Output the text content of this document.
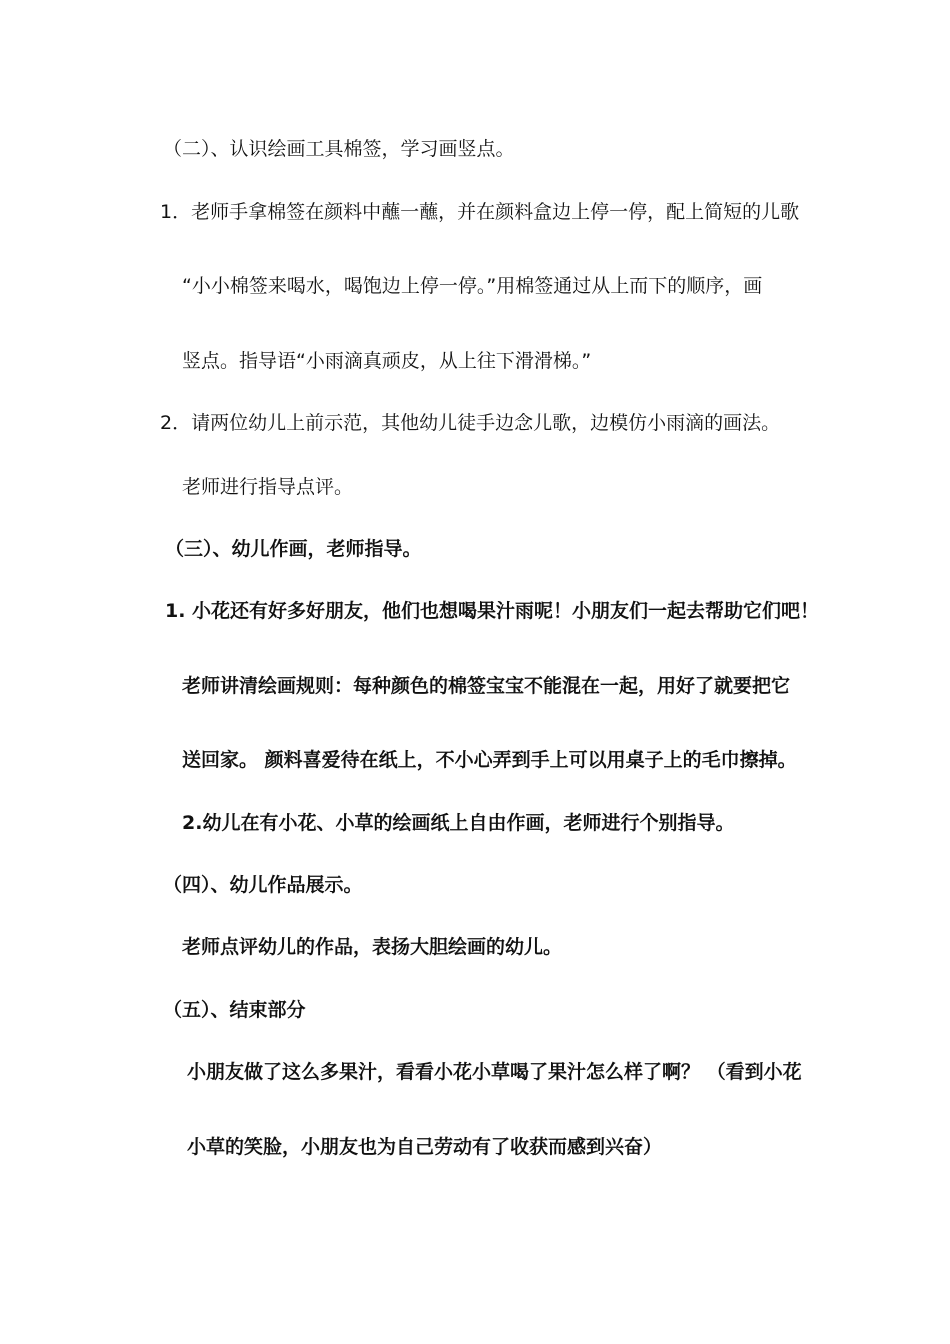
（二）、认识绘画工具棉签，学习画竖点。
1．老师手拿棉签在颜料中蘸一蘸，并在颜料盒边上停一停，配上简短的儿歌
“小小棉签来喝水，喝饱边上停一停。”用棉签通过从上而下的顺序，画
竖点。指导语“小雨滴真顽皮，从上往下滑滑梯。”
2．请两位幼儿上前示范，其他幼儿徒手边念儿歌，边模仿小雨滴的画法。
老师进行指导点评。
（三）、幼儿作画，老师指导。
1. 小花还有好多好朋友，他们也想喝果汁雨呢！小朋友们一起去帮助它们吧！
老师讲清绘画规则：每种颜色的棉签宝宝不能混在一起，用好了就要把它
送回家。 颜料喜爱待在纸上，不小心弄到手上可以用桌子上的毛巾擦掉。
2.幼儿在有小花、小草的绘画纸上自由作画，老师进行个别指导。
（四）、幼儿作品展示。
老师点评幼儿的作品，表扬大胆绘画的幼儿。
（五）、结束部分
小朋友做了这么多果汁，看看小花小草喝了果汁怎么样了啊？ （看到小花
小草的笑脸，小朋友也为自己劳动有了收获而感到兴奋）
